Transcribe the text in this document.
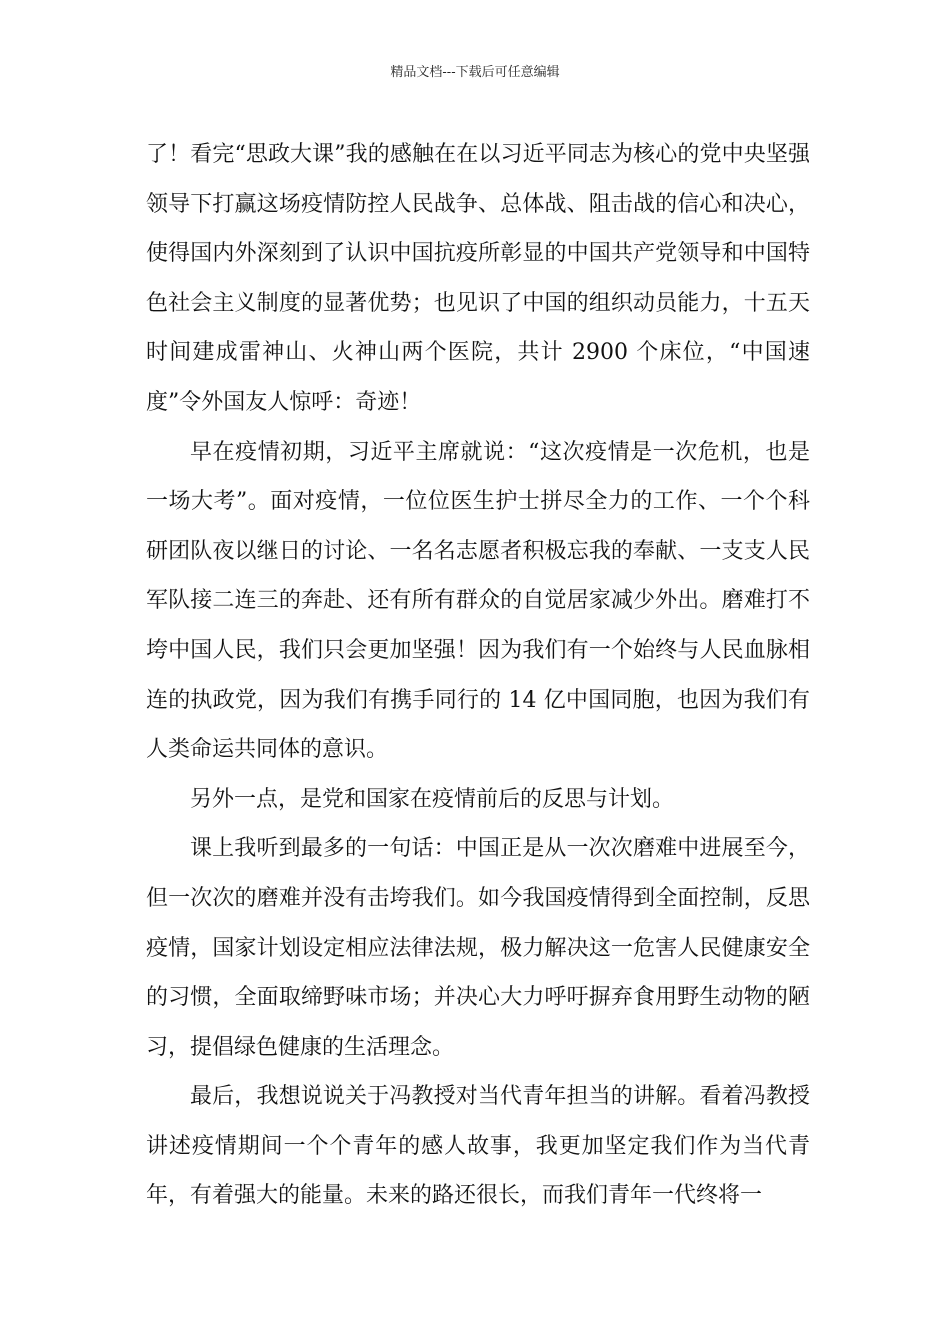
精品文档---下载后可任意编辑

了！看完“思政大课”我的感触在在以习近平同志为核心的党中央坚强领导下打赢这场疫情防控人民战争、总体战、阻击战的信心和决心，使得国内外深刻到了认识中国抗疫所彰显的中国共产党领导和中国特色社会主义制度的显著优势；也见识了中国的组织动员能力，十五天时间建成雷神山、火神山两个医院，共计 2900 个床位，“中国速度”令外国友人惊呼：奇迹！

早在疫情初期，习近平主席就说：“这次疫情是一次危机，也是一场大考”。面对疫情，一位位医生护士拼尽全力的工作、一个个科研团队夜以继日的讨论、一名名志愿者积极忘我的奉献、一支支人民军队接二连三的奔赴、还有所有群众的自觉居家减少外出。磨难打不垮中国人民，我们只会更加坚强！因为我们有一个始终与人民血脉相连的执政党，因为我们有携手同行的 14 亿中国同胞，也因为我们有人类命运共同体的意识。

另外一点，是党和国家在疫情前后的反思与计划。

课上我听到最多的一句话：中国正是从一次次磨难中进展至今，但一次次的磨难并没有击垮我们。如今我国疫情得到全面控制，反思疫情，国家计划设定相应法律法规，极力解决这一危害人民健康安全的习惯，全面取缔野味市场；并决心大力呼吁摒弃食用野生动物的陋习，提倡绿色健康的生活理念。

最后，我想说说关于冯教授对当代青年担当的讲解。看着冯教授讲述疫情期间一个个青年的感人故事，我更加坚定我们作为当代青年，有着强大的能量。未来的路还很长，而我们青年一代终将一
